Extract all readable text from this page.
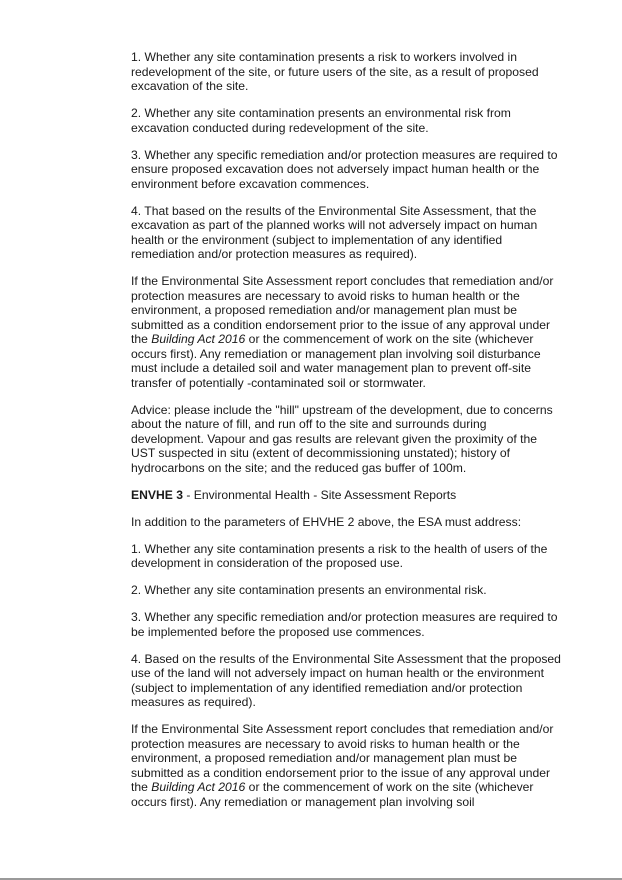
1. Whether any site contamination presents a risk to workers involved in redevelopment of the site, or future users of the site, as a result of proposed excavation of the site.

2. Whether any site contamination presents an environmental risk from excavation conducted during redevelopment of the site.

3. Whether any specific remediation and/or protection measures are required to ensure proposed excavation does not adversely impact human health or the environment before excavation commences.

4. That based on the results of the Environmental Site Assessment, that the excavation as part of the planned works will not adversely impact on human health or the environment (subject to implementation of any identified remediation and/or protection measures as required).

If the Environmental Site Assessment report concludes that remediation and/or protection measures are necessary to avoid risks to human health or the environment, a proposed remediation and/or management plan must be submitted as a condition endorsement prior to the issue of any approval under the Building Act 2016 or the commencement of work on the site (whichever occurs first). Any remediation or management plan involving soil disturbance must include a detailed soil and water management plan to prevent off-site transfer of potentially -contaminated soil or stormwater.

Advice: please include the "hill" upstream of the development, due to concerns about the nature of fill, and run off to the site and surrounds during development. Vapour and gas results are relevant given the proximity of the UST suspected in situ (extent of decommissioning unstated); history of hydrocarbons on the site; and the reduced gas buffer of 100m.

ENVHE 3 - Environmental Health - Site Assessment Reports

In addition to the parameters of EHVHE 2 above, the ESA must address:

1. Whether any site contamination presents a risk to the health of users of the development in consideration of the proposed use.

2. Whether any site contamination presents an environmental risk.

3. Whether any specific remediation and/or protection measures are required to be implemented before the proposed use commences.

4. Based on the results of the Environmental Site Assessment that the proposed use of the land will not adversely impact on human health or the environment (subject to implementation of any identified remediation and/or protection measures as required).

If the Environmental Site Assessment report concludes that remediation and/or protection measures are necessary to avoid risks to human health or the environment, a proposed remediation and/or management plan must be submitted as a condition endorsement prior to the issue of any approval under the Building Act 2016 or the commencement of work on the site (whichever occurs first). Any remediation or management plan involving soil
